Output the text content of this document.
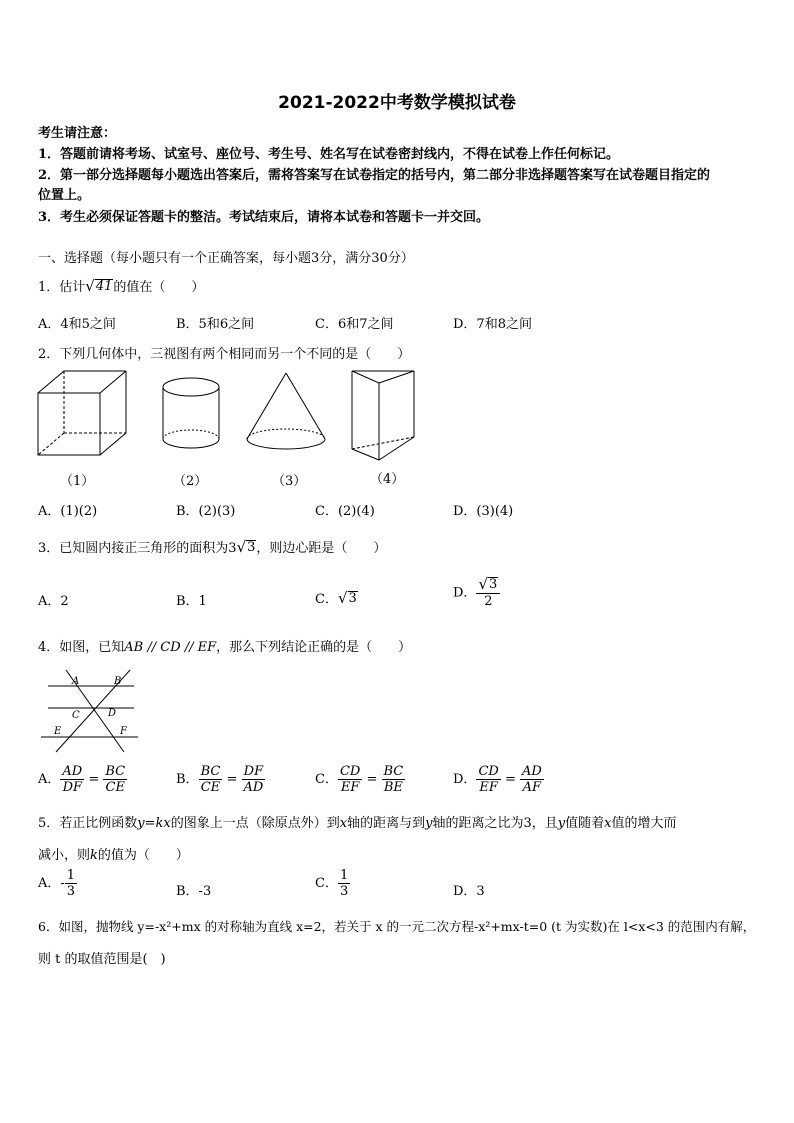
2021-2022中考数学模拟试卷
考生请注意：
1．答题前请将考场、试室号、座位号、考生号、姓名写在试卷密封线内，不得在试卷上作任何标记。
2．第一部分选择题每小题选出答案后，需将答案写在试卷指定的括号内，第二部分非选择题答案写在试卷题目指定的
位置上。
3．考生必须保证答题卡的整洁。考试结束后，请将本试卷和答题卡一并交回。
一、选择题（每小题只有一个正确答案，每小题3分，满分30分）
1．估计 √ 41 的值在（　　）
A．4和5之间	B．5和6之间	C．6和7之间	D．7和8之间
2．下列几何体中，三视图有两个相同而另一个不同的是（　　）
（1）	（2）	（3）	（4）
A．(1)(2)	B．(2)(3)	C．(2)(4)	D．(3)(4)
3．已知圆内接正三角形的面积为3 √ 3 ，则边心距是（　　）
A．2	B．1	C． √ 3	D． $\frac{√ 3}{2}$
4．如图，已知AB // CD // EF，那么下列结论正确的是（　　）
A	B
C	D
E	F
A． $\frac{AD}{DF} = \frac{BC}{CE}$	B． $\frac{BC}{CE} = \frac{DF}{AD}$	C． $\frac{CD}{EF} = \frac{BC}{BE}$	D． $\frac{CD}{EF} = \frac{AD}{AF}$
5．若正比例函数y=kx的图象上一点（除原点外）到x轴的距离与到y轴的距离之比为3，且y值随着x值的增大而
减小，则k的值为（　　）
A．- $\frac{1}{3}$	B．-3
C． $\frac{1}{3}$	D．3
6．如图，抛物线 y=-x²+mx 的对称轴为直线 x=2，若关于 x 的一元二次方程-x²+mx-t=0 (t 为实数)在 l<x<3 的范围内有解，
则 t 的取值范围是(　)
